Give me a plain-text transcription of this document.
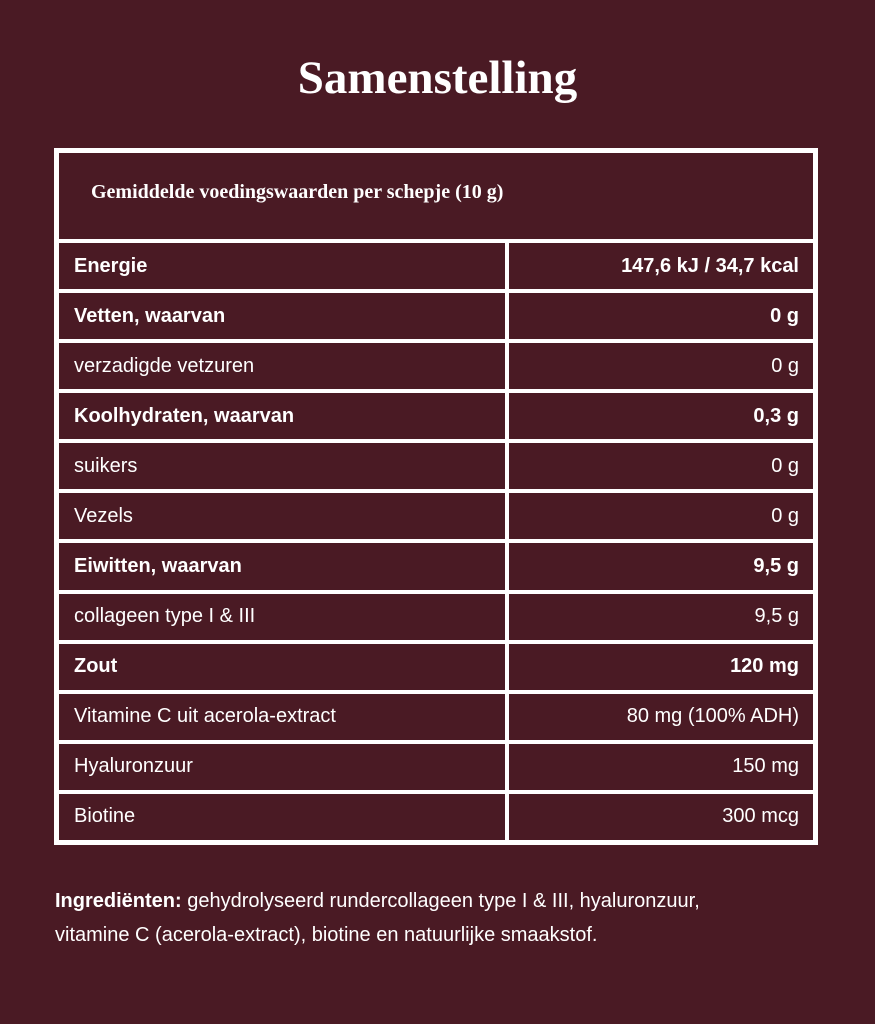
Samenstelling
Gemiddelde voedingswaarden per schepje (10 g)
Energie	147,6 kJ / 34,7 kcal
Vetten, waarvan	0 g
verzadigde vetzuren	0 g
Koolhydraten, waarvan	0,3 g
suikers	0 g
Vezels	0 g
Eiwitten, waarvan	9,5 g
collageen type I & III	9,5 g
Zout	120 mg
Vitamine C uit acerola-extract	80 mg (100% ADH)
Hyaluronzuur	150 mg
Biotine	300 mcg

Ingrediënten: gehydrolyseerd rundercollageen type I & III, hyaluronzuur, vitamine C (acerola-extract), biotine en natuurlijke smaakstof.
